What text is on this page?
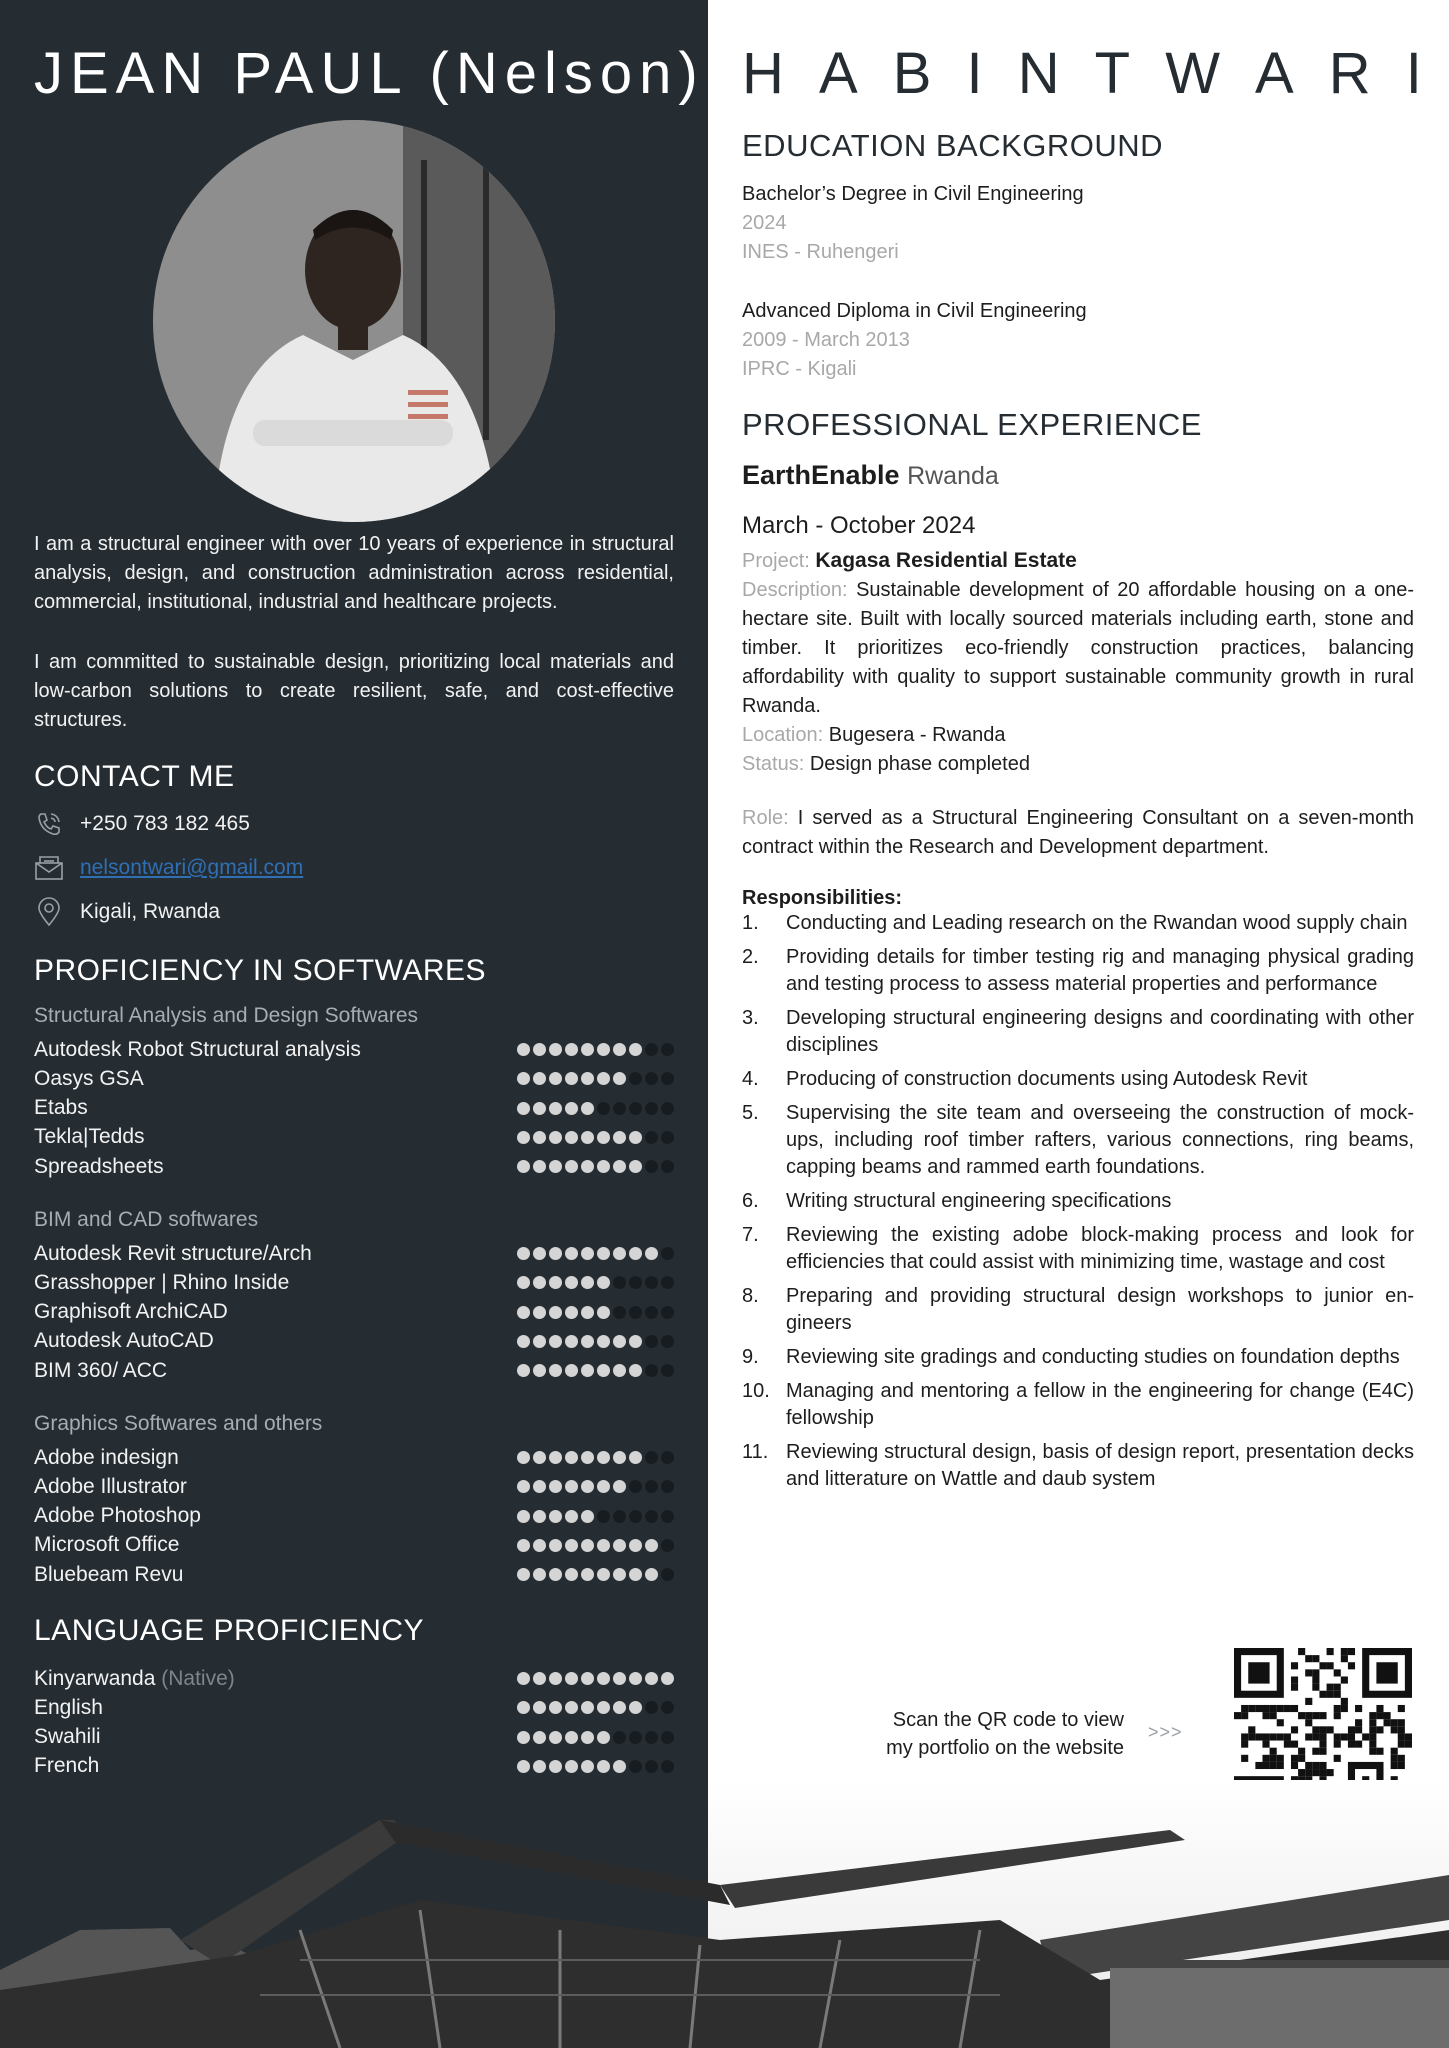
JEAN PAUL (Nelson)

I am a structural engineer with over 10 years of experience in structural analysis, design, and construction administration across residential, commercial, institutional, industrial and healthcare projects.

I am committed to sustainable design, prioritizing local materials and low-carbon solutions to create resilient, safe, and cost-effective structures.

CONTACT ME
+250 783 182 465
nelsontwari@gmail.com
Kigali, Rwanda
PROFICIENCY IN SOFTWARES
Structural Analysis and Design Softwares
Autodesk Robot Structural analysis
Oasys GSA
Etabs
Tekla|Tedds
Spreadsheets
BIM and CAD softwares
Autodesk Revit structure/Arch
Grasshopper | Rhino Inside
Graphisoft ArchiCAD
Autodesk AutoCAD
BIM 360/ ACC
Graphics Softwares and others
Adobe indesign
Adobe Illustrator
Adobe Photoshop
Microsoft Office
Bluebeam Revu
LANGUAGE PROFICIENCY
Kinyarwanda (Native)
English
Swahili
French
H A B I N T W A R I
EDUCATION BACKGROUND
Bachelor’s Degree in Civil Engineering
2024
INES - Ruhengeri
Advanced Diploma in Civil Engineering
2009 - March 2013
IPRC - Kigali
PROFESSIONAL EXPERIENCE
EarthEnable Rwanda
March - October 2024
Project: Kagasa Residential Estate
Description: Sustainable development of 20 affordable housing on a one-hectare site. Built with locally sourced materials including earth, stone and timber. It prioritizes eco-friendly construction practices, balancing affordability with quality to support sustainable community growth in rural Rwanda.
Location: Bugesera - Rwanda
Status: Design phase completed
Role: I served as a Structural Engineering Consultant on a seven-month contract within the Research and Development department.
Responsibilities:
1.	Conducting and Leading research on the Rwandan wood supply chain
2.	Providing details for timber testing rig and managing physical grading and testing process to assess material properties and performance
3.	Developing structural engineering designs and coordinating with other disciplines
4.	Producing of construction documents using Autodesk Revit
5.	Supervising the site team and overseeing the construction of mock-ups, including roof timber rafters, various connections, ring beams, capping beams and rammed earth foundations.
6.	Writing structural engineering specifications
7.	Reviewing the existing adobe block-making process and look for efficiencies that could assist with minimizing time, wastage and cost
8.	Preparing and providing structural design workshops to junior en-gineers
9.	Reviewing site gradings and conducting studies on foundation depths
10. Managing and mentoring a fellow in the engineering for change (E4C) fellowship
11. Reviewing structural design, basis of design report, presentation decks and litterature on Wattle and daub system
Scan the QR code to view
my portfolio on the website
>>>
